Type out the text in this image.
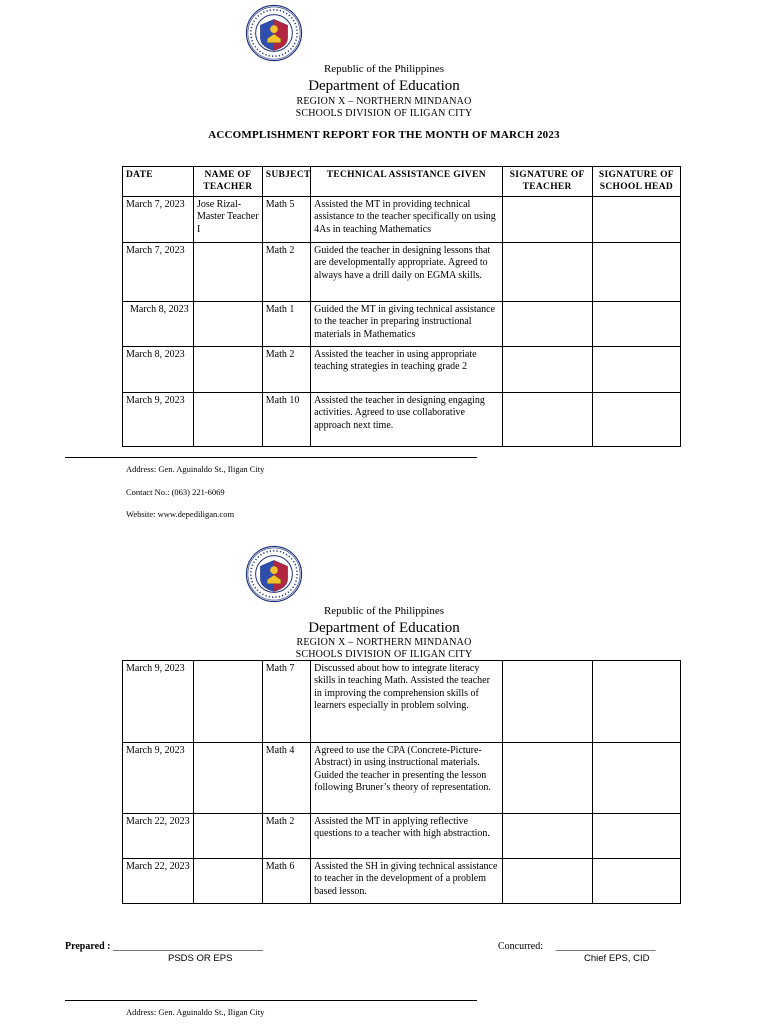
Republic of the Philippines
Department of Education
REGION X – NORTHERN MINDANAO
SCHOOLS DIVISION OF ILIGAN CITY
ACCOMPLISHMENT REPORT FOR THE MONTH OF MARCH 2023
DATE	NAME OF TEACHER	SUBJECT	TECHNICAL ASSISTANCE GIVEN	SIGNATURE OF TEACHER	SIGNATURE OF SCHOOL HEAD
March 7, 2023	Jose Rizal- Master Teacher I	Math 5	Assisted the MT in providing technical assistance to the teacher specifically on using 4As in teaching Mathematics		
March 7, 2023		Math 2	Guided the teacher in designing lessons that are developmentally appropriate. Agreed to always have a drill daily on EGMA skills.		
March 8, 2023		Math 1	Guided the MT in giving technical assistance to the teacher in preparing instructional materials in Mathematics		
March 8, 2023		Math 2	Assisted the teacher in using appropriate teaching strategies in teaching grade 2		
March 9, 2023		Math 10	Assisted the teacher in designing engaging activities. Agreed to use collaborative approach next time.		
Address: Gen. Aguinaldo St., Iligan City
Contact No.: (063) 221-6069
Website: www.depediligan.com
Republic of the Philippines
Department of Education
REGION X – NORTHERN MINDANAO
SCHOOLS DIVISION OF ILIGAN CITY
March 9, 2023		Math 7	Discussed about how to integrate literacy skills in teaching Math. Assisted the teacher in improving the comprehension skills of learners especially in problem solving.		
March 9, 2023		Math 4	Agreed to use the CPA (Concrete-Picture-Abstract) in using instructional materials. Guided the teacher in presenting the lesson following Bruner’s theory of representation.		
March 22, 2023		Math 2	Assisted the MT in applying reflective questions to a teacher with high abstraction.		
March 22, 2023		Math 6	Assisted the SH in giving technical assistance to teacher in the development of a problem based lesson.		
Prepared : ______________________________
PSDS OR EPS
Concurred: ____________________
Chief EPS, CID
Address: Gen. Aguinaldo St., Iligan City
